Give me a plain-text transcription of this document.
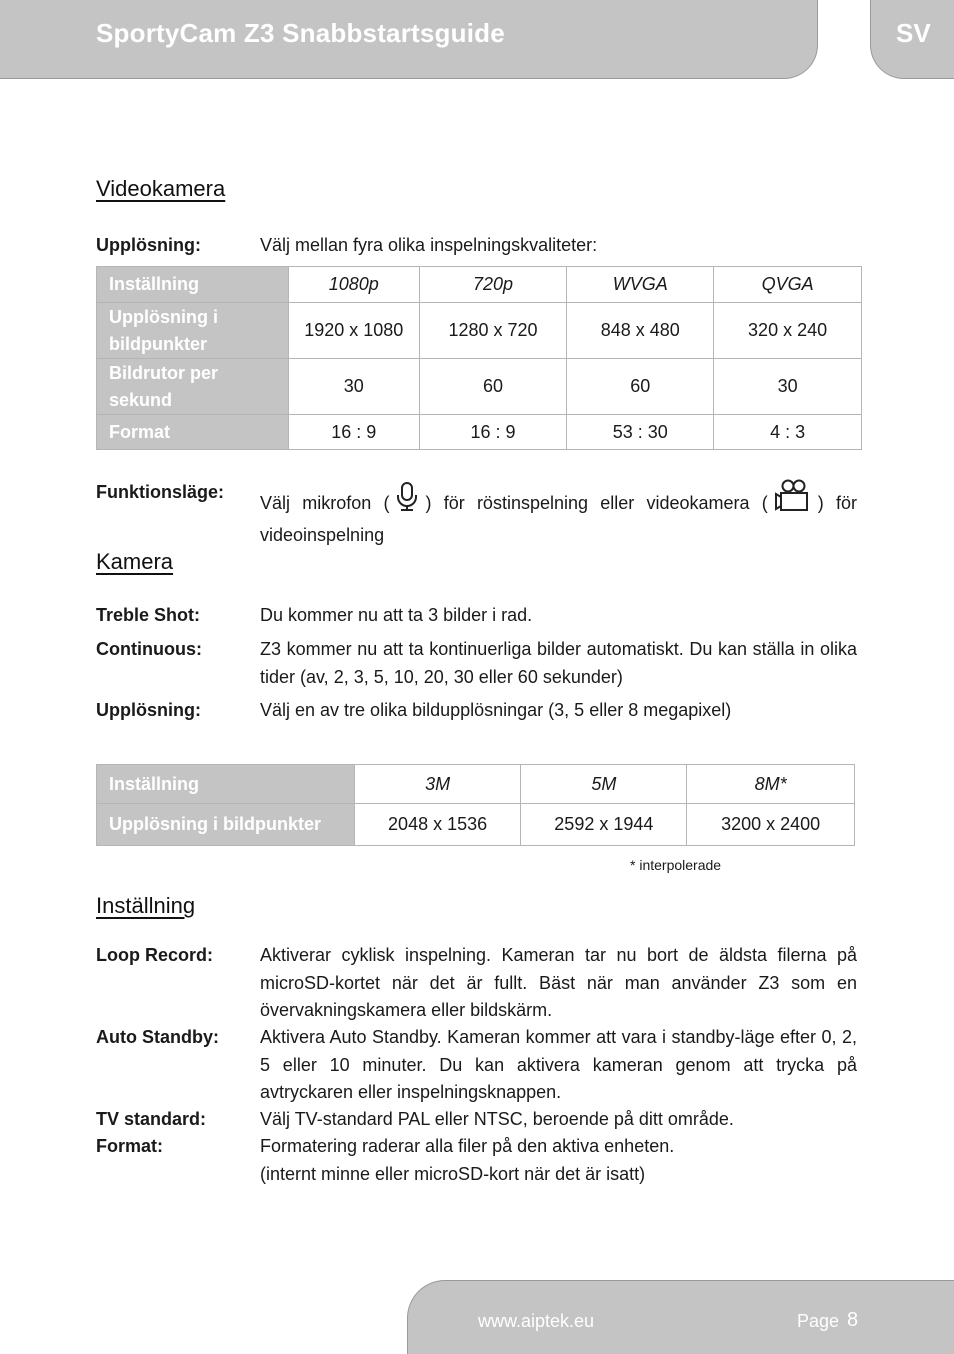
SportyCam Z3 Snabbstartsguide	SV
Videokamera
Upplösning:	Välj mellan fyra olika inspelningskvaliteter:
Inställning	1080p	720p	WVGA	QVGA
Upplösning i bildpunkter	1920 x 1080	1280 x 720	848 x 480	320 x 240
Bildrutor per sekund	30	60	60	30
Format	16 : 9	16 : 9	53 : 30	4 : 3
Funktionsläge:
Välj mikrofon ( ) för röstinspelning eller videokamera (	) för videoinspelning
Kamera
Treble Shot:	Du kommer nu att ta 3 bilder i rad.
Continuous:	Z3 kommer nu att ta kontinuerliga bilder automatiskt. Du kan ställa in olika tider (av, 2, 3, 5, 10, 20, 30 eller 60 sekunder)
Upplösning:	Välj en av tre olika bildupplösningar (3, 5 eller 8 megapixel)
Inställning	3M	5M	8M*
Upplösning i bildpunkter	2048 x 1536	2592 x 1944	3200 x 2400
* interpolerade
Inställning
Loop Record:	Aktiverar cyklisk inspelning. Kameran tar nu bort de äldsta filerna på microSD-kortet när det är fullt. Bäst när man använder Z3 som en övervakningskamera eller bildskärm.
Auto Standby: Aktivera Auto Standby. Kameran kommer att vara i standby-läge efter 0, 2, 5 eller 10 minuter. Du kan aktivera kameran genom att trycka på avtryckaren eller inspelningsknappen.
TV standard:	Välj TV-standard PAL eller NTSC, beroende på ditt område.
Format:	Formatering raderar alla filer på den aktiva enheten.
(internt minne eller microSD-kort när det är isatt)
www.aiptek.eu	Page 8
